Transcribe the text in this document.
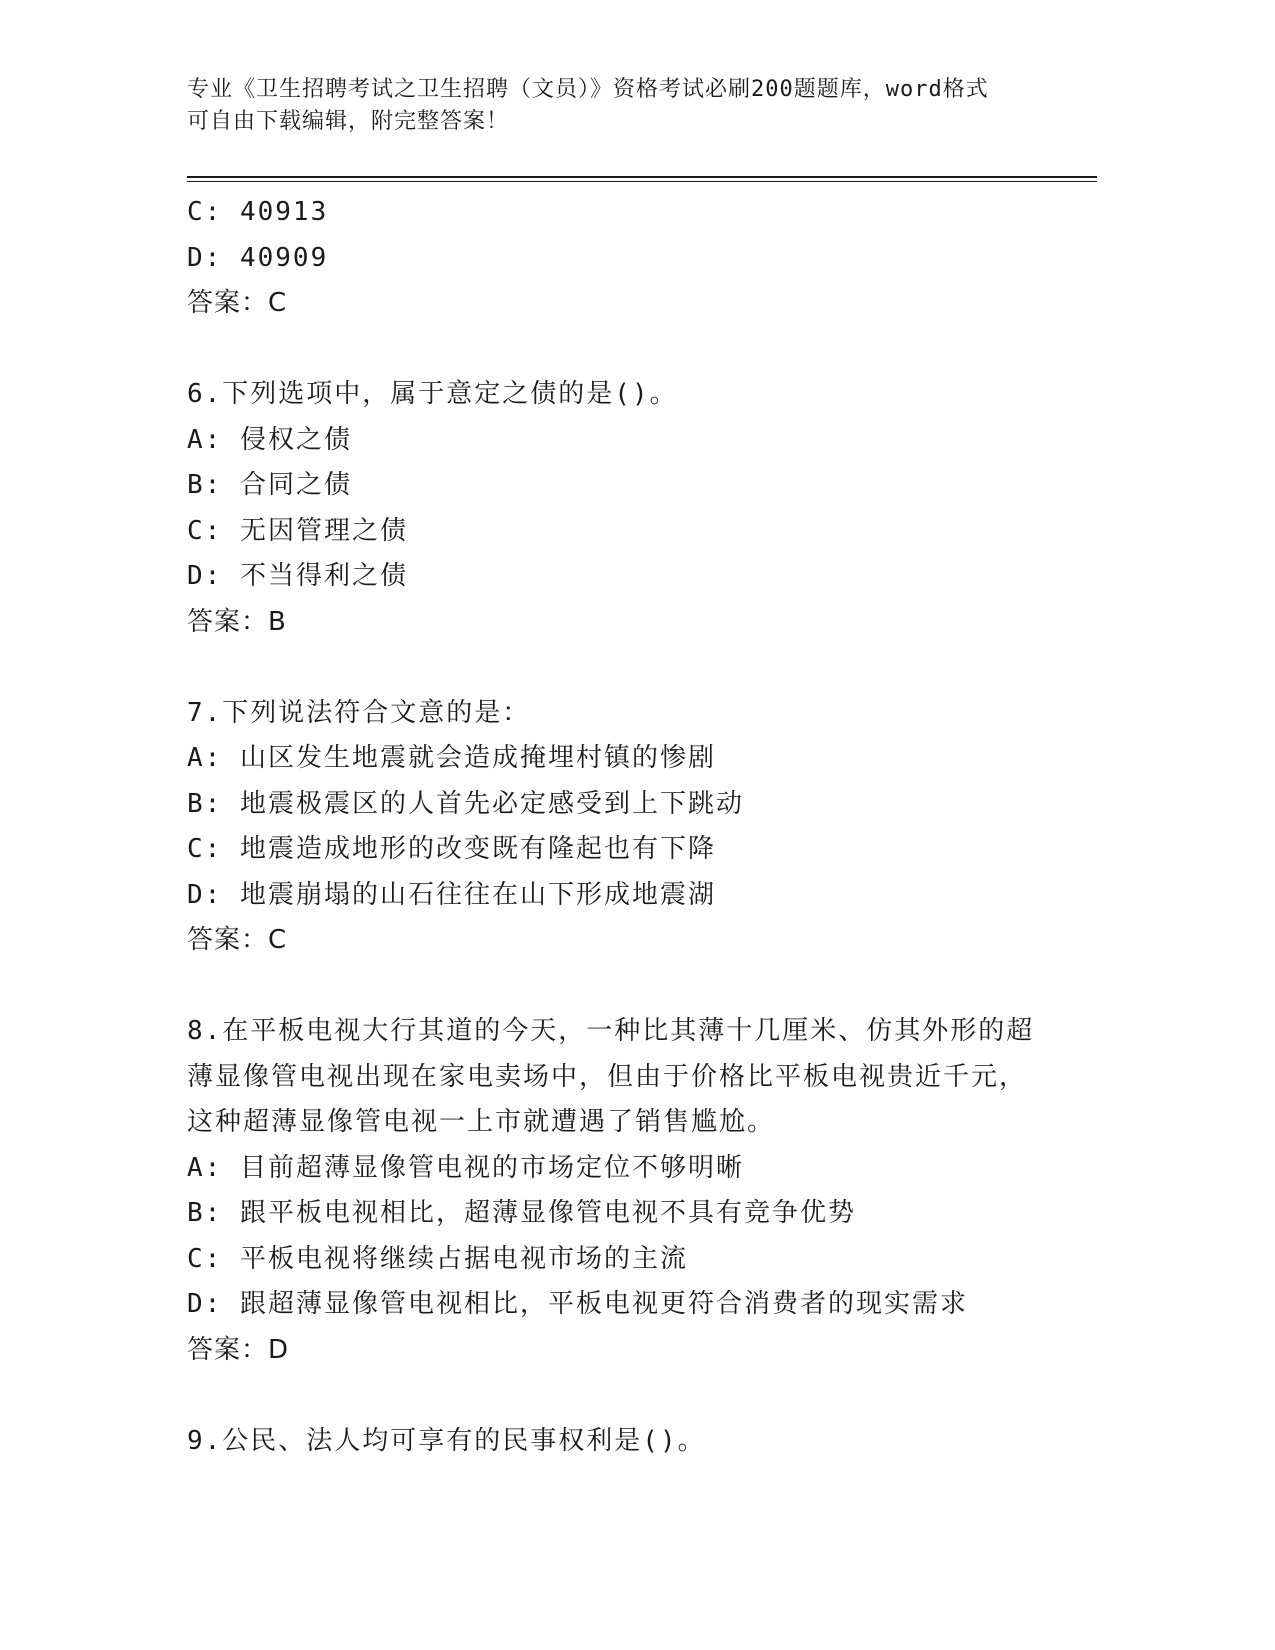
专业《卫生招聘考试之卫生招聘（文员）》资格考试必刷200题题库，word格式
可自由下载编辑，附完整答案！
C: 40913
D: 40909
答案：C
6.下列选项中，属于意定之债的是()。
A: 侵权之债
B: 合同之债
C: 无因管理之债
D: 不当得利之债
答案：B
7.下列说法符合文意的是：
A: 山区发生地震就会造成掩埋村镇的惨剧
B: 地震极震区的人首先必定感受到上下跳动
C: 地震造成地形的改变既有隆起也有下降
D: 地震崩塌的山石往往在山下形成地震湖
答案：C
8.在平板电视大行其道的今天，一种比其薄十几厘米、仿其外形的超
薄显像管电视出现在家电卖场中，但由于价格比平板电视贵近千元，
这种超薄显像管电视一上市就遭遇了销售尴尬。
A: 目前超薄显像管电视的市场定位不够明晰
B: 跟平板电视相比，超薄显像管电视不具有竞争优势
C: 平板电视将继续占据电视市场的主流
D: 跟超薄显像管电视相比，平板电视更符合消费者的现实需求
答案：D
9.公民、法人均可享有的民事权利是()。
